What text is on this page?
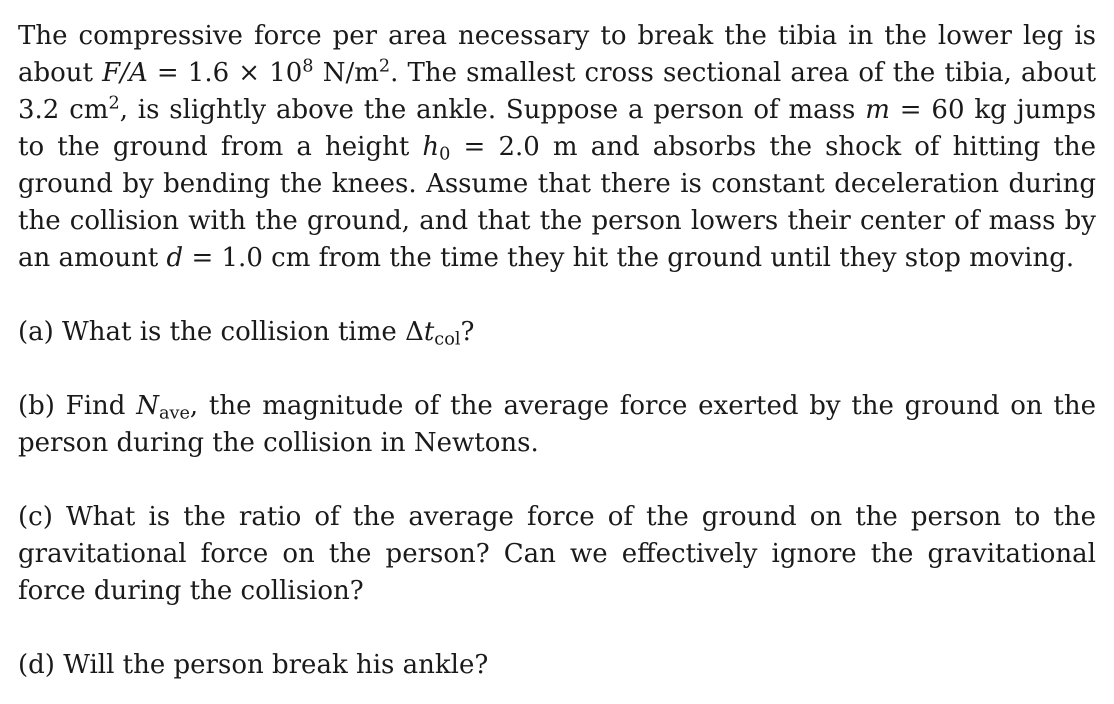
The compressive force per area necessary to break the tibia in the lower leg is about $F/A = 1.6 \times 10^8$ $N/m^2$. The smallest cross sectional area of the tibia, about 3.2 $cm^2$, is slightly above the ankle. Suppose a person of mass m = 60 kg jumps to the ground from a height $h_0 = 2.0$ m and absorbs the shock of hitting the ground by bending the knees. Assume that there is constant deceleration during the collision with the ground, and that the person lowers their center of mass by an amount d = 1.0 cm from the time they hit the ground until they stop moving.

(a) What is the collision time $\Delta t_{col}$?

(b) Find $N_{ave}$, the magnitude of the average force exerted by the ground on the person during the collision in Newtons.

(c) What is the ratio of the average force of the ground on the person to the gravitational force on the person? Can we effectively ignore the gravitational force during the collision?

(d) Will the person break his ankle?
